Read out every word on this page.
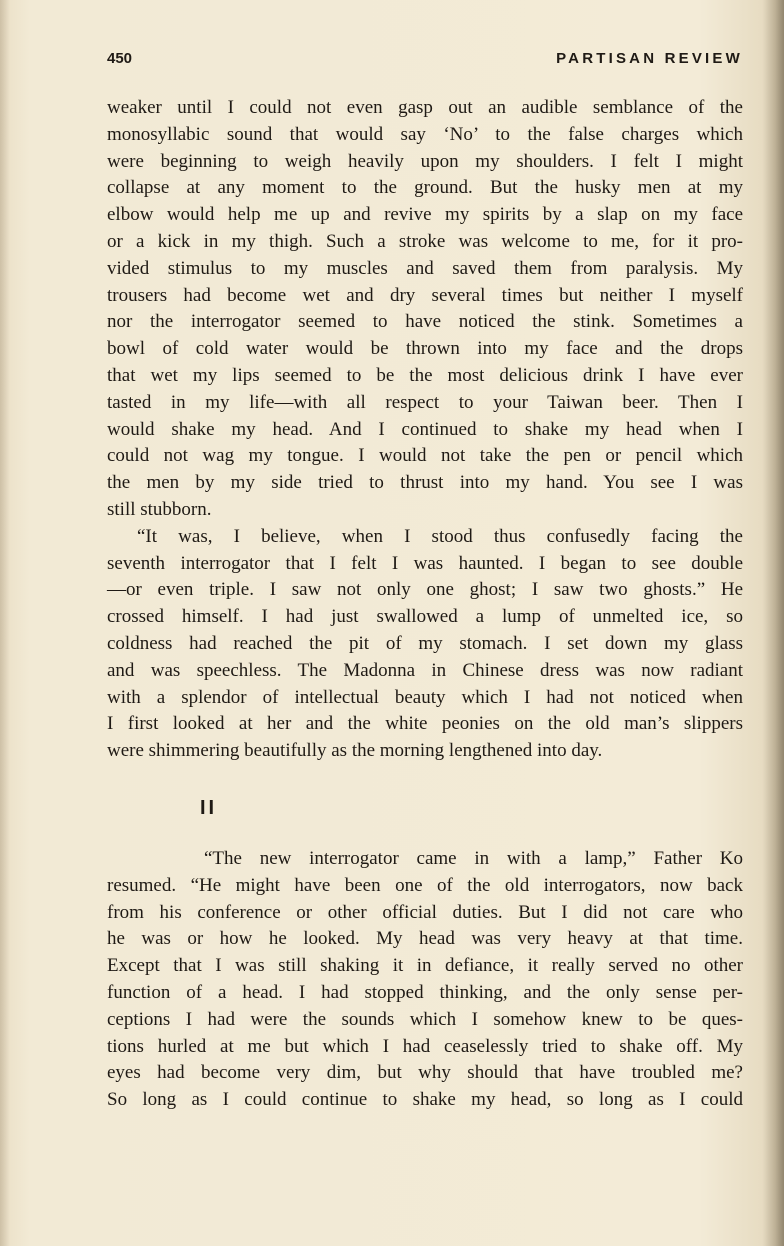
450	PARTISAN REVIEW
weaker until I could not even gasp out an audible semblance of the
monosyllabic sound that would say ‘No’ to the false charges which
were beginning to weigh heavily upon my shoulders. I felt I might
collapse at any moment to the ground. But the husky men at my
elbow would help me up and revive my spirits by a slap on my face
or a kick in my thigh. Such a stroke was welcome to me, for it pro-
vided stimulus to my muscles and saved them from paralysis. My
trousers had become wet and dry several times but neither I myself
nor the interrogator seemed to have noticed the stink. Sometimes a
bowl of cold water would be thrown into my face and the drops
that wet my lips seemed to be the most delicious drink I have ever
tasted in my life—with all respect to your Taiwan beer. Then I
would shake my head. And I continued to shake my head when I
could not wag my tongue. I would not take the pen or pencil which
the men by my side tried to thrust into my hand. You see I was
still stubborn.
“It was, I believe, when I stood thus confusedly facing the
seventh interrogator that I felt I was haunted. I began to see double
—or even triple. I saw not only one ghost; I saw two ghosts.” He
crossed himself. I had just swallowed a lump of unmelted ice, so
coldness had reached the pit of my stomach. I set down my glass
and was speechless. The Madonna in Chinese dress was now radiant
with a splendor of intellectual beauty which I had not noticed when
I first looked at her and the white peonies on the old man’s slippers
were shimmering beautifully as the morning lengthened into day.
II
“The new interrogator came in with a lamp,” Father Ko
resumed. “He might have been one of the old interrogators, now back
from his conference or other official duties. But I did not care who
he was or how he looked. My head was very heavy at that time.
Except that I was still shaking it in defiance, it really served no other
function of a head. I had stopped thinking, and the only sense per-
ceptions I had were the sounds which I somehow knew to be ques-
tions hurled at me but which I had ceaselessly tried to shake off. My
eyes had become very dim, but why should that have troubled me?
So long as I could continue to shake my head, so long as I could
